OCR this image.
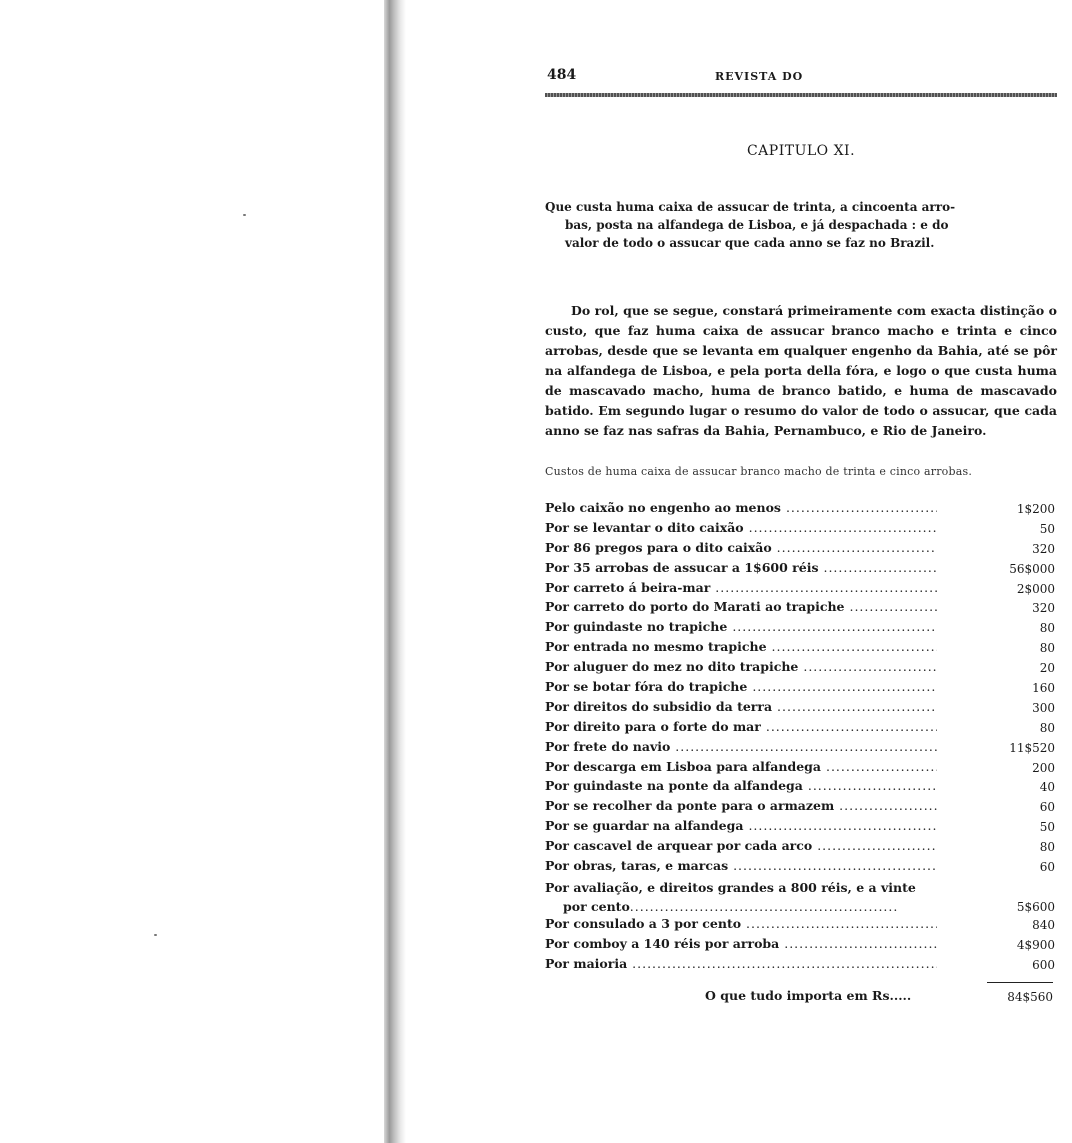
484	REVISTA DO
CAPITULO XI.
Que custa huma caixa de assucar de trinta, a cincoenta arro-
bas, posta na alfandega de Lisboa, e já despachada : e do
valor de todo o assucar que cada anno se faz no Brazil.

Do rol, que se segue, constará primeiramente com exacta distinção o custo, que faz huma caixa de assucar branco macho e trinta e cinco arrobas, desde que se levanta em qualquer engenho da Bahia, até se pôr na alfandega de Lisboa, e pela porta della fóra, e logo o que custa huma de mascavado macho, huma de branco batido, e huma de mascavado batido. Em segundo lugar o resumo do valor de todo o assucar, que cada anno se faz nas safras da Bahia, Pernambuco, e Rio de Janeiro.

Custos de huma caixa de assucar branco macho de trinta e cinco arrobas.
Pelo caixão no engenho ao menos .....	1$200
Por se levantar o dito caixão .....	50
Por 86 pregos para o dito caixão .....	320
Por 35 arrobas de assucar a 1$600 réis .....	56$000
Por carreto á beira-mar .....	2$000
Por carreto do porto do Marati ao trapiche .....	320
Por guindaste no trapiche .....	80
Por entrada no mesmo trapiche .....	80
Por aluguer do mez no dito trapiche .....	20
Por se botar fóra do trapiche .....	160
Por direitos do subsidio da terra .....	300
Por direito para o forte do mar .....	80
Por frete do navio .....	11$520
Por descarga em Lisboa para alfandega .....	200
Por guindaste na ponte da alfandega .....	40
Por se recolher da ponte para o armazem .....	60
Por se guardar na alfandega .....	50
Por cascavel de arquear por cada arco .....	80
Por obras, taras, e marcas .....	60
Por avaliação, e direitos grandes a 800 réis, e a vinte
por cento......................................................	5$600
Por consulado a 3 por cento .....	840
Por comboy a 140 réis por arroba .....	4$900
Por maioria .....	600
O que tudo importa em Rs.....	84$560
